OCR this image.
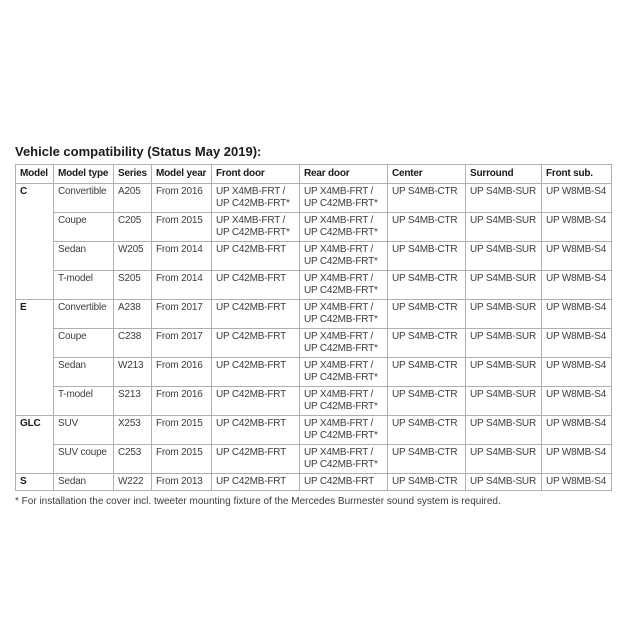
Vehicle compatibility (Status May 2019):
Model	Model type	Series	Model year	Front door	Rear door	Center	Surround	Front sub.
C	Convertible	A205	From 2016	UP X4MB-FRT / UP C42MB-FRT*	UP X4MB-FRT / UP C42MB-FRT*	UP S4MB-CTR	UP S4MB-SUR	UP W8MB-S4
	Coupe	C205	From 2015	UP X4MB-FRT / UP C42MB-FRT*	UP X4MB-FRT / UP C42MB-FRT*	UP S4MB-CTR	UP S4MB-SUR	UP W8MB-S4
	Sedan	W205	From 2014	UP C42MB-FRT	UP X4MB-FRT / UP C42MB-FRT*	UP S4MB-CTR	UP S4MB-SUR	UP W8MB-S4
	T-model	S205	From 2014	UP C42MB-FRT	UP X4MB-FRT / UP C42MB-FRT*	UP S4MB-CTR	UP S4MB-SUR	UP W8MB-S4
E	Convertible	A238	From 2017	UP C42MB-FRT	UP X4MB-FRT / UP C42MB-FRT*	UP S4MB-CTR	UP S4MB-SUR	UP W8MB-S4
	Coupe	C238	From 2017	UP C42MB-FRT	UP X4MB-FRT / UP C42MB-FRT*	UP S4MB-CTR	UP S4MB-SUR	UP W8MB-S4
	Sedan	W213	From 2016	UP C42MB-FRT	UP X4MB-FRT / UP C42MB-FRT*	UP S4MB-CTR	UP S4MB-SUR	UP W8MB-S4
	T-model	S213	From 2016	UP C42MB-FRT	UP X4MB-FRT / UP C42MB-FRT*	UP S4MB-CTR	UP S4MB-SUR	UP W8MB-S4
GLC	SUV	X253	From 2015	UP C42MB-FRT	UP X4MB-FRT / UP C42MB-FRT*	UP S4MB-CTR	UP S4MB-SUR	UP W8MB-S4
	SUV coupe	C253	From 2015	UP C42MB-FRT	UP X4MB-FRT / UP C42MB-FRT*	UP S4MB-CTR	UP S4MB-SUR	UP W8MB-S4
S	Sedan	W222	From 2013	UP C42MB-FRT	UP C42MB-FRT	UP S4MB-CTR	UP S4MB-SUR	UP W8MB-S4
* For installation the cover incl. tweeter mounting fixture of the Mercedes Burmester sound system is required.
